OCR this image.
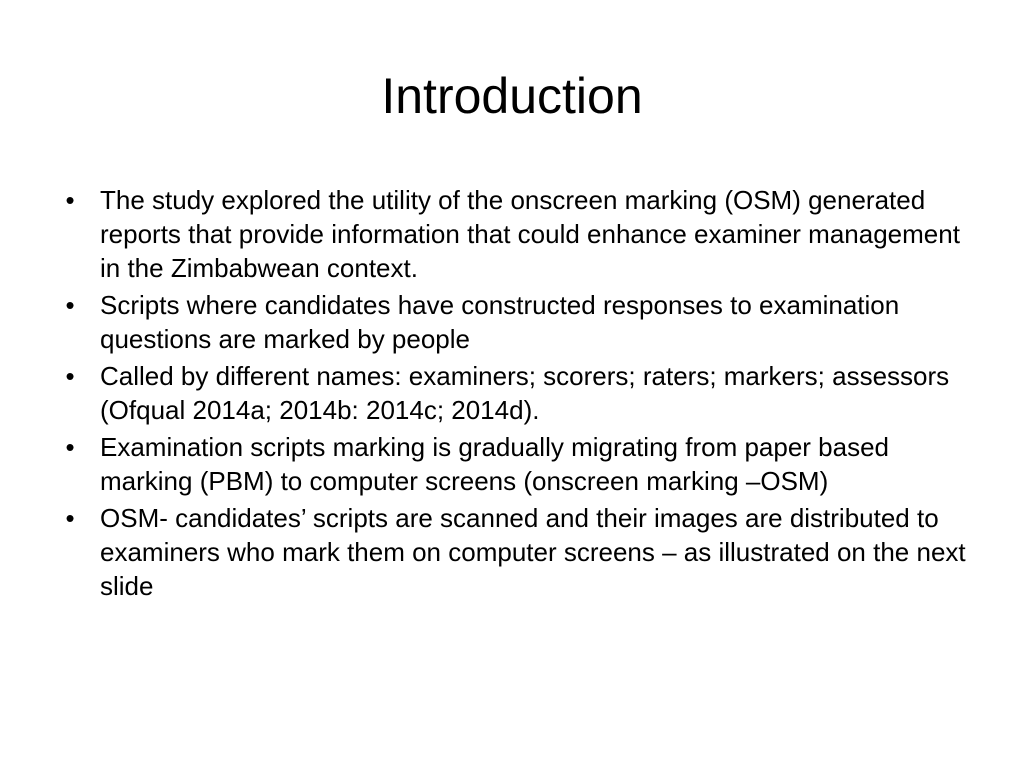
Introduction
• The study explored the utility of the onscreen marking (OSM) generated reports that provide information that could enhance examiner management in the Zimbabwean context.
• Scripts where candidates have constructed responses to examination questions are marked by people
• Called by different names: examiners; scorers; raters; markers; assessors (Ofqual 2014a; 2014b: 2014c; 2014d).
• Examination scripts marking is gradually migrating from paper based marking (PBM) to computer screens (onscreen marking –OSM)
• OSM- candidates’ scripts are scanned and their images are distributed to examiners who mark them on computer screens – as illustrated on the next slide
